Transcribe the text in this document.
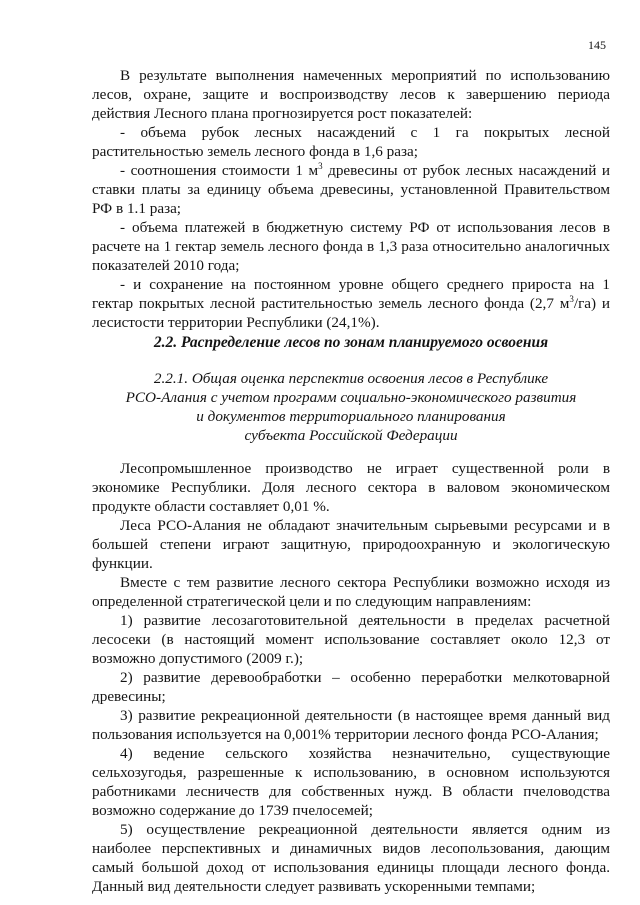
145

В результате выполнения намеченных мероприятий по использованию лесов, охране, защите и воспроизводству лесов к завершению периода действия Лесного плана прогнозируется рост показателей:

- объема рубок лесных насаждений с 1 га покрытых лесной растительностью земель лесного фонда в 1,6 раза;

- соотношения стоимости 1 $м^3$ древесины от рубок лесных насаждений и ставки платы за единицу объема древесины, установленной Правительством РФ в 1.1 раза;

- объема платежей в бюджетную систему РФ от использования лесов в расчете на 1 гектар земель лесного фонда в 1,3 раза относительно аналогичных показателей 2010 года;

- и сохранение на постоянном уровне общего среднего прироста на 1 гектар покрытых лесной растительностью земель лесного фонда (2,7 $м^3/га$) и лесистости территории Республики (24,1%).

2.2. Распределение лесов по зонам планируемого освоения
2.2.1. Общая оценка перспектив освоения лесов в Республике
РСО-Алания с учетом программ социально-экономического развития
и документов территориального планирования
субъекта Российской Федерации

Лесопромышленное производство не играет существенной роли в экономике Республики. Доля лесного сектора в валовом экономическом продукте области составляет 0,01 %.

Леса РСО-Алания не обладают значительным сырьевыми ресурсами и в большей степени играют защитную, природоохранную и экологическую функции.

Вместе с тем развитие лесного сектора Республики возможно исходя из определенной стратегической цели и по следующим направлениям:

1) развитие лесозаготовительной деятельности в пределах расчетной лесосеки (в настоящий момент использование составляет около 12,3 от возможно допустимого (2009 г.);

2) развитие деревообработки – особенно переработки мелкотоварной древесины;

3) развитие рекреационной деятельности (в настоящее время данный вид пользования используется на 0,001% территории лесного фонда РСО-Алания;

4) ведение сельского хозяйства незначительно, существующие сельхозугодья, разрешенные к использованию, в основном используются работниками лесничеств для собственных нужд. В области пчеловодства возможно содержание до 1739 пчелосемей;

5) осуществление рекреационной деятельности является одним из наиболее перспективных и динамичных видов лесопользования, дающим самый большой доход от использования единицы площади лесного фонда. Данный вид деятельности следует развивать ускоренными темпами;
